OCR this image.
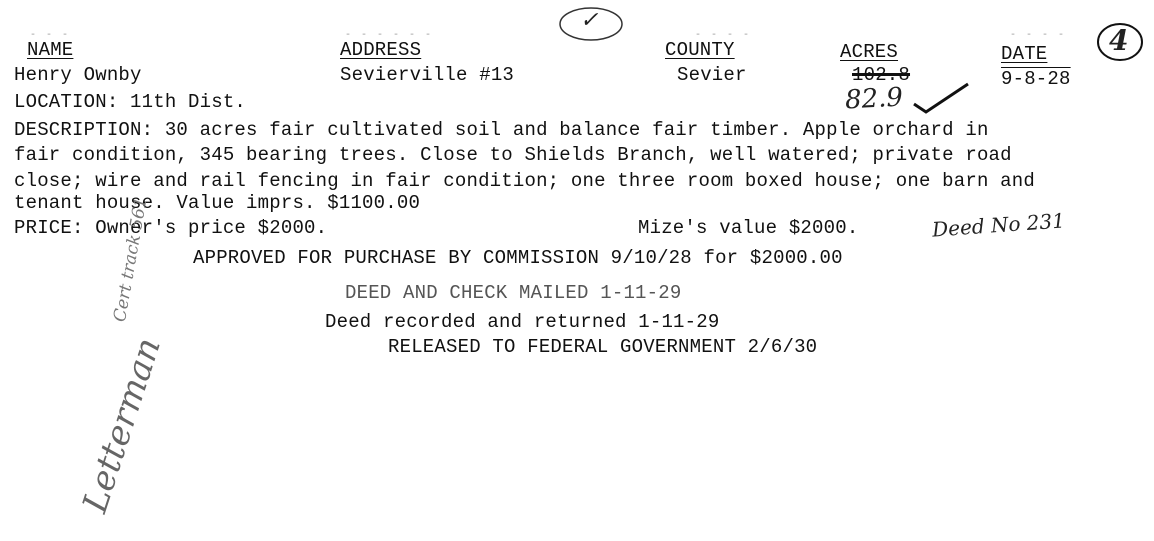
- - -	- - - - - -	- - - -	- - - -
NAME	ADDRESS	COUNTY	ACRES	DATE
Henry Ownby	Sevierville #13	Sevier	102.8	9-8-28
LOCATION: 11th Dist.
DESCRIPTION: 30 acres fair cultivated soil and balance fair timber. Apple orchard in
fair condition, 345 bearing trees. Close to Shields Branch, well watered; private road
close; wire and rail fencing in fair condition; one three room boxed house; one barn and
tenant house. Value imprs. $1100.00
PRICE: Owner's price $2000.	Mize's value $2000.
APPROVED FOR PURCHASE BY COMMISSION 9/10/28 for $2000.00
DEED AND CHECK MAILED 1-11-29
Deed recorded and returned 1-11-29
RELEASED TO FEDERAL GOVERNMENT 2/6/30
✓
4
82.9
Deed No 231
Cert track 561
Letterman
